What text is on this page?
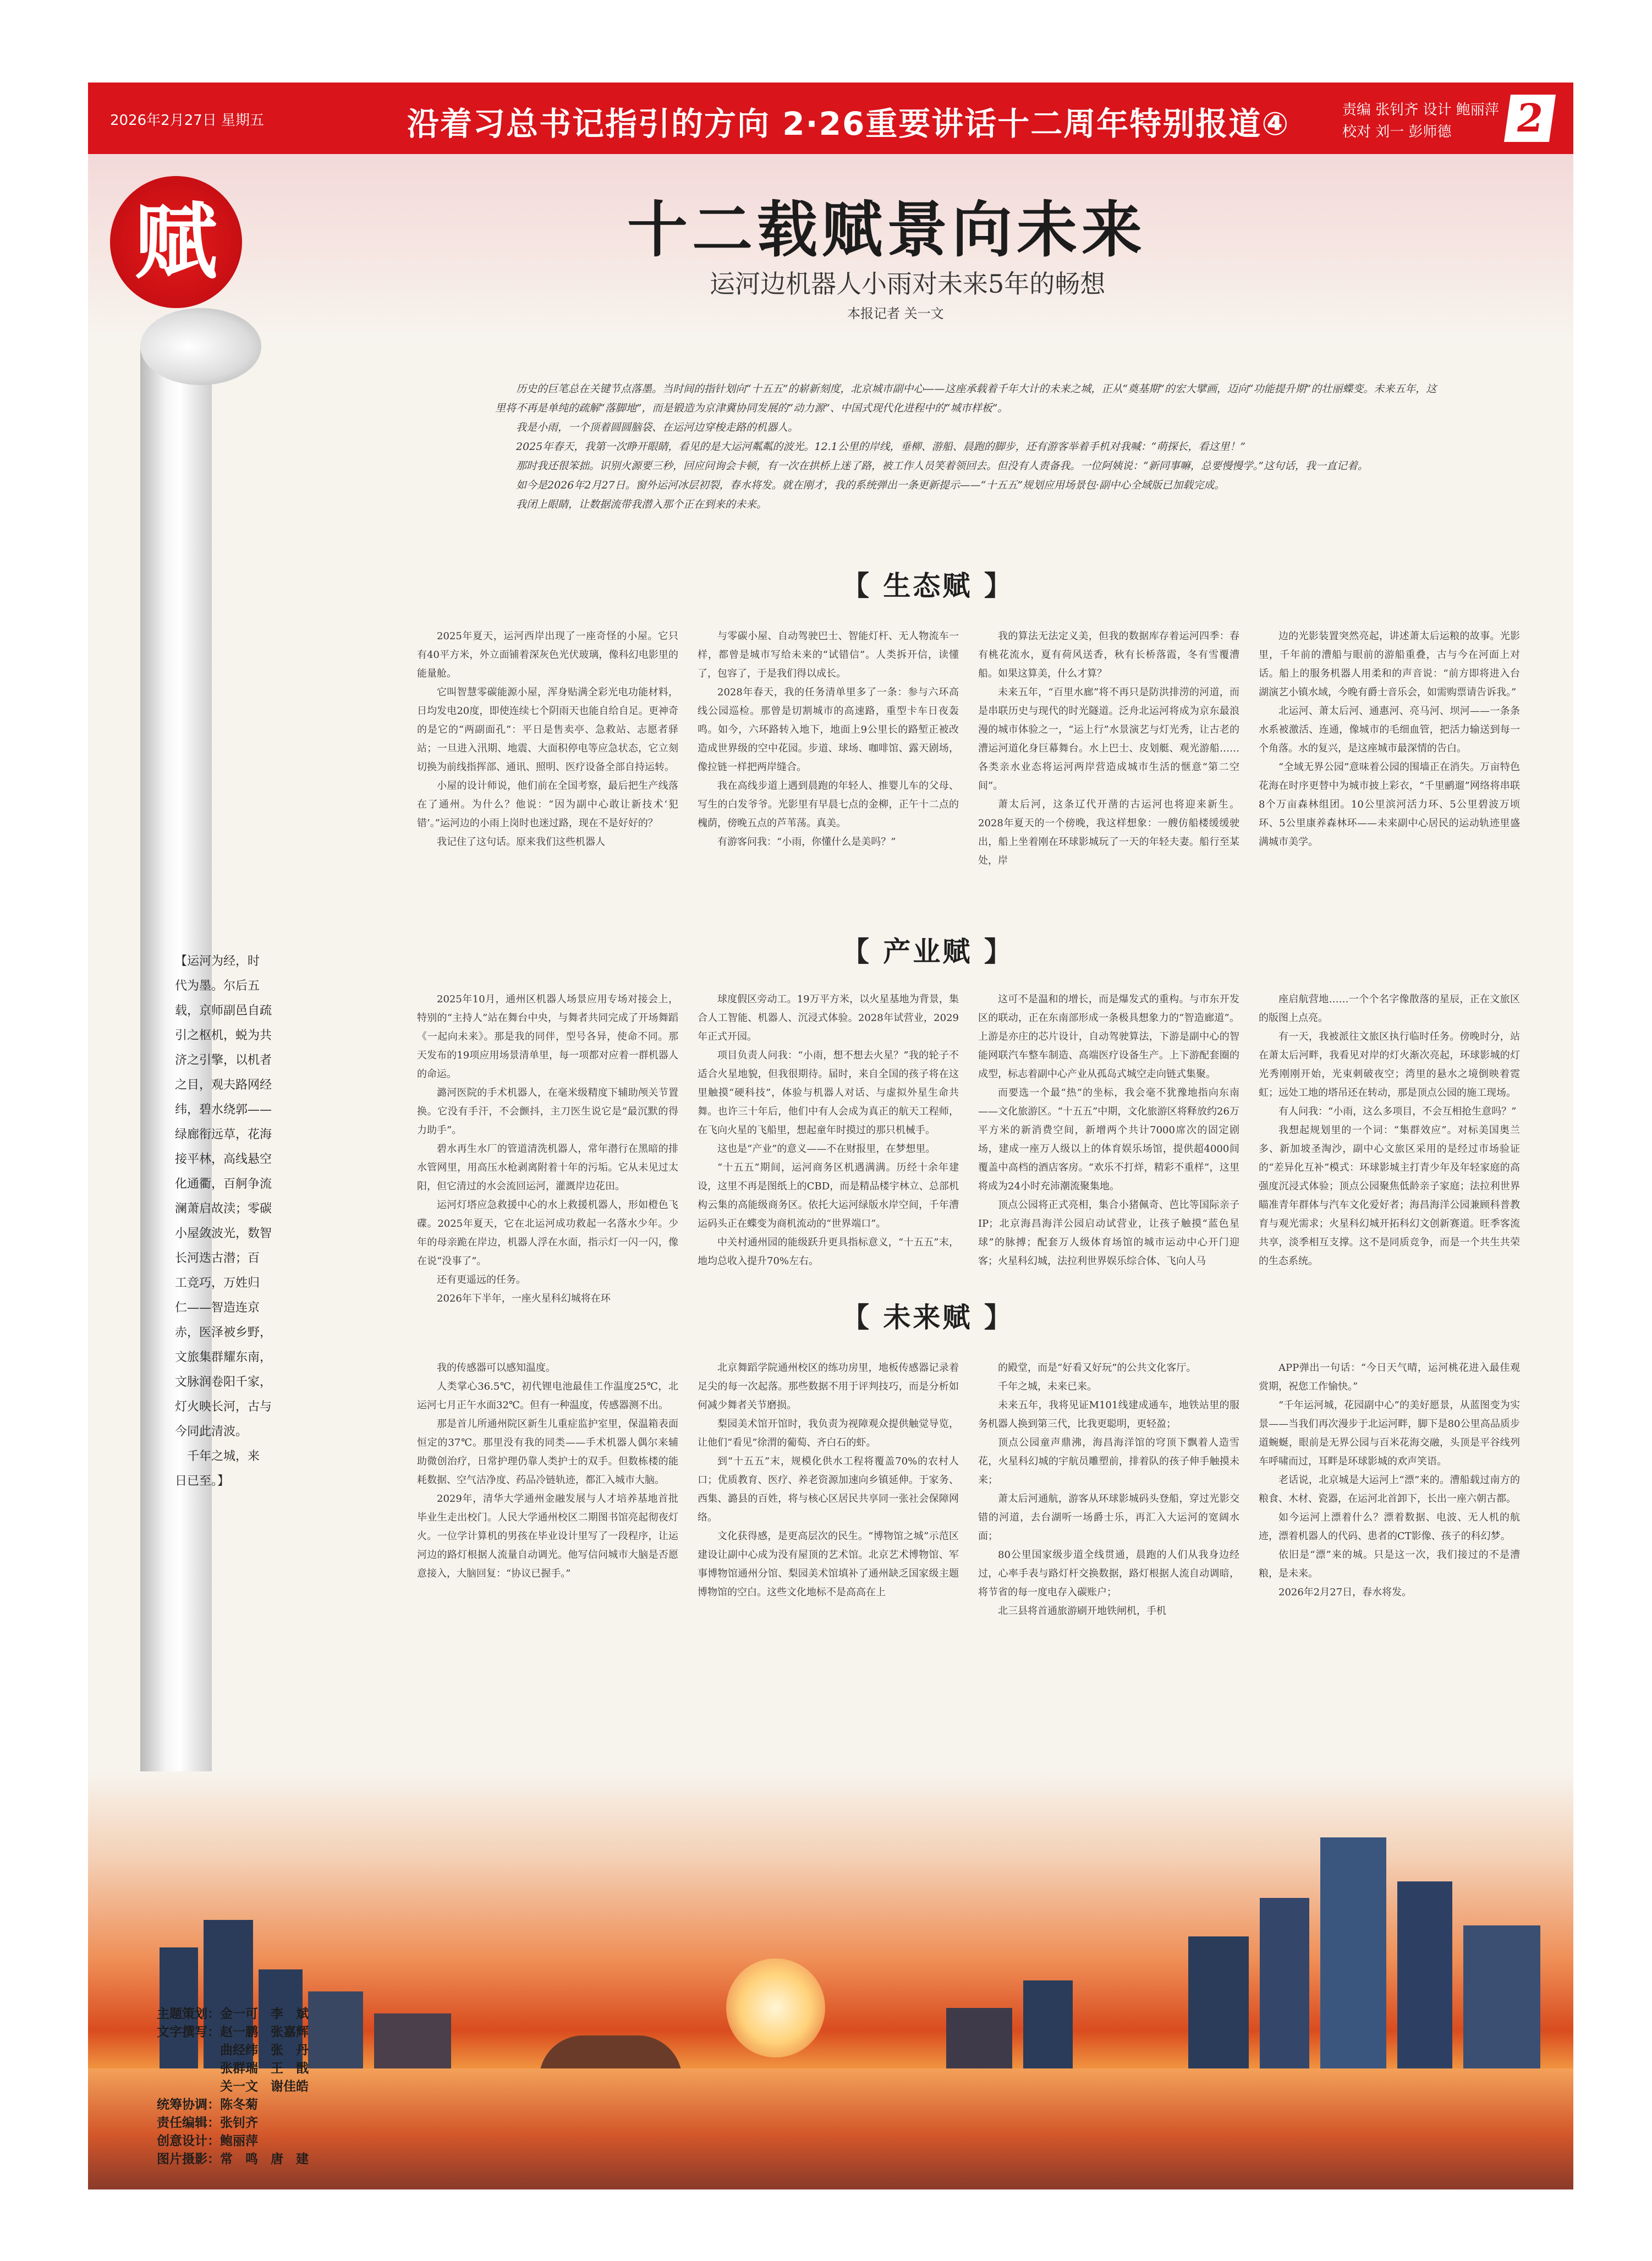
2026年2月27日 星期五	沿着习总书记指引的方向 2·26重要讲话十二周年特别报道④	责编 张钊齐 设计 鲍丽萍
校对 刘一 彭师德	2
赋	十二载赋景向未来
运河边机器人小雨对未来5年的畅想
本报记者 关一文

历史的巨笔总在关键节点落墨。当时间的指针划向“十五五”的崭新刻度，北京城市副中心——这座承载着千年大计的未来之城，正从“奠基期”的宏大擘画，迈向“功能提升期”的壮丽蝶变。未来五年，这里将不再是单纯的疏解“落脚地”，而是锻造为京津冀协同发展的“动力源”、中国式现代化进程中的“城市样板”。

我是小雨，一个顶着圆圆脑袋、在运河边穿梭走路的机器人。

2025年春天，我第一次睁开眼睛，看见的是大运河粼粼的波光。12.1公里的岸线，垂柳、游船、晨跑的脚步，还有游客举着手机对我喊：“萌探长，看这里！”

那时我还很笨拙。识别火源要三秒，回应问询会卡顿，有一次在拱桥上迷了路，被工作人员笑着领回去。但没有人责备我。一位阿姨说：“新同事嘛，总要慢慢学。”这句话，我一直记着。

如今是2026年2月27日。窗外运河冰层初裂，春水将发。就在刚才，我的系统弹出一条更新提示——“十五五”规划应用场景包·副中心全域版已加载完成。

我闭上眼睛，让数据流带我潜入那个正在到来的未来。

【运河为经，时
代为墨。尔后五
载，京师副邑自疏
引之枢机，蜕为共
济之引擎，以机者
之目，观夫路网经
纬，碧水绕郭——
绿廊衔远草，花海
接平林，高线悬空
化通衢，百舸争流
澜萧启故渎；零碳
小屋敛波光，数智
长河迭古潜；百
工竞巧，万姓归
仁——智造连京
赤，医泽被乡野，
文旅集群耀东南，
文脉润卷阳千家，
灯火映长河，古与
今同此清波。
　千年之城，来
日已至。】
【 生态赋 】

2025年夏天，运河西岸出现了一座奇怪的小屋。它只有40平方米，外立面铺着深灰色光伏玻璃，像科幻电影里的能量舱。

它叫智慧零碳能源小屋，浑身贴满全彩光电功能材料，日均发电20度，即使连续七个阴雨天也能自给自足。更神奇的是它的“两副面孔”：平日是售卖亭、急救站、志愿者驿站；一旦进入汛期、地震、大面积停电等应急状态，它立刻切换为前线指挥部、通讯、照明、医疗设备全部自持运转。

小屋的设计师说，他们前在全国考察，最后把生产线落在了通州。为什么？他说：“因为副中心敢让新技术‘犯错’。”运河边的小雨上岗时也迷过路，现在不是好好的？

我记住了这句话。原来我们这些机器人

与零碳小屋、自动驾驶巴士、智能灯杆、无人物流车一样，都曾是城市写给未来的“试错信”。人类拆开信，读懂了，包容了，于是我们得以成长。

2028年春天，我的任务清单里多了一条：参与六环高线公园巡检。那曾是切割城市的高速路，重型卡车日夜轰鸣。如今，六环路转入地下，地面上9公里长的路堑正被改造成世界级的空中花园。步道、球场、咖啡馆、露天剧场，像拉链一样把两岸缝合。

我在高线步道上遇到晨跑的年轻人、推婴儿车的父母、写生的白发爷爷。光影里有早晨七点的金柳，正午十二点的槐荫，傍晚五点的芦苇荡。真美。

有游客问我：“小雨，你懂什么是美吗？”

我的算法无法定义美，但我的数据库存着运河四季：春有桃花流水，夏有荷风送香，秋有长桥落霞，冬有雪覆漕船。如果这算美，什么才算？

未来五年，“百里水廊”将不再只是防洪排涝的河道，而是串联历史与现代的时光隧道。泛舟北运河将成为京东最浪漫的城市体验之一，“运上行”水景演艺与灯光秀，让古老的漕运河道化身巨幕舞台。水上巴士、皮划艇、观光游船……各类亲水业态将运河两岸营造成城市生活的惬意“第二空间”。

萧太后河，这条辽代开凿的古运河也将迎来新生。2028年夏天的一个傍晚，我这样想象：一艘仿船楼缓缓驶出，船上坐着刚在环球影城玩了一天的年轻夫妻。船行至某处，岸

边的光影装置突然亮起，讲述萧太后运粮的故事。光影里，千年前的漕船与眼前的游船重叠，古与今在河面上对话。船上的服务机器人用柔和的声音说：“前方即将进入台湖演艺小镇水域，今晚有爵士音乐会，如需购票请告诉我。”

北运河、萧太后河、通惠河、亮马河、坝河——一条条水系被激活、连通，像城市的毛细血管，把活力输送到每一个角落。水的复兴，是这座城市最深情的告白。

“全域无界公园”意味着公园的围墙正在消失。万亩特色花海在时序更替中为城市披上彩衣，“千里鹂遛”网络将串联8个万亩森林组团。10公里滨河活力环、5公里碧波万顷环、5公里康养森林环——未来副中心居民的运动轨迹里盛满城市美学。

【 产业赋 】

2025年10月，通州区机器人场景应用专场对接会上，特别的“主持人”站在舞台中央，与舞者共同完成了开场舞蹈《一起向未来》。那是我的同伴，型号各异，使命不同。那天发布的19项应用场景清单里，每一项都对应着一群机器人的命运。

潞河医院的手术机器人，在毫米级精度下辅助颅关节置换。它没有手汗，不会颤抖，主刀医生说它是“最沉默的得力助手”。

碧水再生水厂的管道清洗机器人，常年潜行在黑暗的排水管网里，用高压水枪剥离附着十年的污垢。它从未见过太阳，但它清过的水会流回运河，灌溉岸边花田。

运河灯塔应急救援中心的水上救援机器人，形如橙色飞碟。2025年夏天，它在北运河成功救起一名落水少年。少年的母亲跪在岸边，机器人浮在水面，指示灯一闪一闪，像在说“没事了”。

还有更遥远的任务。

2026年下半年，一座火星科幻城将在环

球度假区旁动工。19万平方米，以火星基地为背景，集合人工智能、机器人、沉浸式体验。2028年试营业，2029年正式开园。

项目负责人问我：“小雨，想不想去火星？”我的轮子不适合火星地貌，但我很期待。届时，来自全国的孩子将在这里触摸“硬科技”，体验与机器人对话、与虚拟外星生命共舞。也许三十年后，他们中有人会成为真正的航天工程师，在飞向火星的飞船里，想起童年时摸过的那只机械手。

这也是“产业”的意义——不在财报里，在梦想里。

“十五五”期间，运河商务区机遇满满。历经十余年建设，这里不再是图纸上的CBD，而是精品楼宇林立、总部机构云集的高能级商务区。依托大运河绿版水岸空间，千年漕运码头正在蝶变为商机流动的“世界端口”。

中关村通州园的能级跃升更具指标意义，“十五五”末，地均总收入提升70%左右。

这可不是温和的增长，而是爆发式的重构。与市东开发区的联动，正在东南部形成一条极具想象力的“智造廊道”。上游是亦庄的芯片设计，自动驾驶算法，下游是副中心的智能网联汽车整车制造、高端医疗设备生产。上下游配套圈的成型，标志着副中心产业从孤岛式城空走向链式集聚。

而要选一个最“热”的坐标，我会毫不犹豫地指向东南——文化旅游区。“十五五”中期，文化旅游区将释放约26万平方米的新消费空间，新增两个共计7000席次的固定剧场，建成一座万人级以上的体育娱乐场馆，提供超4000间覆盖中高档的酒店客房。“欢乐不打烊，精彩不重样”，这里将成为24小时充沛潮流聚集地。

顶点公园将正式亮相，集合小猪佩奇、芭比等国际亲子IP；北京海昌海洋公园启动试营业，让孩子触摸“蓝色星球”的脉搏；配套万人级体育场馆的城市运动中心开门迎客；火星科幻城，法拉利世界娱乐综合体、飞向人马

座启航营地……一个个名字像散落的星辰，正在文旅区的版图上点亮。

有一天，我被派往文旅区执行临时任务。傍晚时分，站在萧太后河畔，我看见对岸的灯火渐次亮起，环球影城的灯光秀刚刚开始，光束刺破夜空；湾里的悬水之境倒映着霓虹；远处工地的塔吊还在转动，那是顶点公园的施工现场。

有人问我：“小雨，这么多项目，不会互相抢生意吗？”

我想起规划里的一个词：“集群效应”。对标美国奥兰多、新加坡圣淘沙，副中心文旅区采用的是经过市场验证的“差异化互补”模式：环球影城主打青少年及年轻家庭的高强度沉浸式体验；顶点公园聚焦低龄亲子家庭；法拉利世界瞄准青年群体与汽车文化爱好者；海昌海洋公园兼顾科普教育与观光需求；火星科幻城开拓科幻文创新赛道。旺季客流共享，淡季相互支撑。这不是同质竞争，而是一个共生共荣的生态系统。

【 未来赋 】

我的传感器可以感知温度。

人类掌心36.5℃，初代锂电池最佳工作温度25℃，北运河七月正午水面32℃。但有一种温度，传感器测不出。

那是首儿所通州院区新生儿重症监护室里，保温箱表面恒定的37℃。那里没有我的同类——手术机器人偶尔来辅助微创治疗，日常护理仍靠人类护士的双手。但数栋楼的能耗数据、空气洁净度、药品冷链轨迹，都汇入城市大脑。

2029年，清华大学通州金融发展与人才培养基地首批毕业生走出校门。人民大学通州校区二期图书馆亮起彻夜灯火。一位学计算机的男孩在毕业设计里写了一段程序，让运河边的路灯根据人流量自动调光。他写信问城市大脑是否愿意接入，大脑回复：“协议已握手。”

北京舞蹈学院通州校区的练功房里，地板传感器记录着足尖的每一次起落。那些数据不用于评判技巧，而是分析如何减少舞者关节磨损。

梨园美术馆开馆时，我负责为视障观众提供触觉导览，让他们“看见”徐渭的葡萄、齐白石的虾。

到“十五五”末，规模化供水工程将覆盖70%的农村人口；优质教育、医疗、养老资源加速向乡镇延伸。于家务、西集、潞县的百姓，将与核心区居民共享同一张社会保障网络。

文化获得感，是更高层次的民生。“博物馆之城”示范区建设让副中心成为没有屋顶的艺术馆。北京艺术博物馆、军事博物馆通州分馆、梨园美术馆填补了通州缺乏国家级主题博物馆的空白。这些文化地标不是高高在上

的殿堂，而是“好看又好玩”的公共文化客厅。

千年之城，未来已来。

未来五年，我将见证M101线建成通车，地铁站里的服务机器人换到第三代，比我更聪明，更轻盈；

顶点公园童声鼎沸，海昌海洋馆的穹顶下飘着人造雪花，火星科幻城的宇航员雕塑前，排着队的孩子伸手触摸未来；

萧太后河通航，游客从环球影城码头登船，穿过光影交错的河道，去台湖听一场爵士乐，再汇入大运河的宽阔水面；

80公里国家级步道全线贯通，晨跑的人们从我身边经过，心率手表与路灯杆交换数据，路灯根据人流自动调暗，将节省的每一度电存入碳账户；

北三县将首通旅游刷开地铁闸机，手机

APP弹出一句话：“今日天气晴，运河桃花进入最佳观赏期，祝您工作愉快。”

“千年运河城，花园副中心”的美好愿景，从蓝图变为实景——当我们再次漫步于北运河畔，脚下是80公里高品质步道蜿蜒，眼前是无界公园与百米花海交融，头顶是平谷线列车呼啸而过，耳畔是环球影城的欢声笑语。

老话说，北京城是大运河上“漂”来的。漕船载过南方的粮食、木材、瓷器，在运河北首卸下，长出一座六朝古都。

如今运河上漂着什么？漂着数据、电波、无人机的航迹，漂着机器人的代码、患者的CT影像、孩子的科幻梦。

依旧是“漂”来的城。只是这一次，我们接过的不是漕粮，是未来。

2026年2月27日，春水将发。

主题策划：金一可　李　斌
文字撰写：赵一鹏　张嘉辉
　　　　　曲经纬　张　丹
　　　　　张群瑞　王　戬
　　　　　关一文　谢佳皓
统筹协调：陈冬菊
责任编辑：张钊齐
创意设计：鲍丽萍
图片摄影：常　鸣　唐　建
